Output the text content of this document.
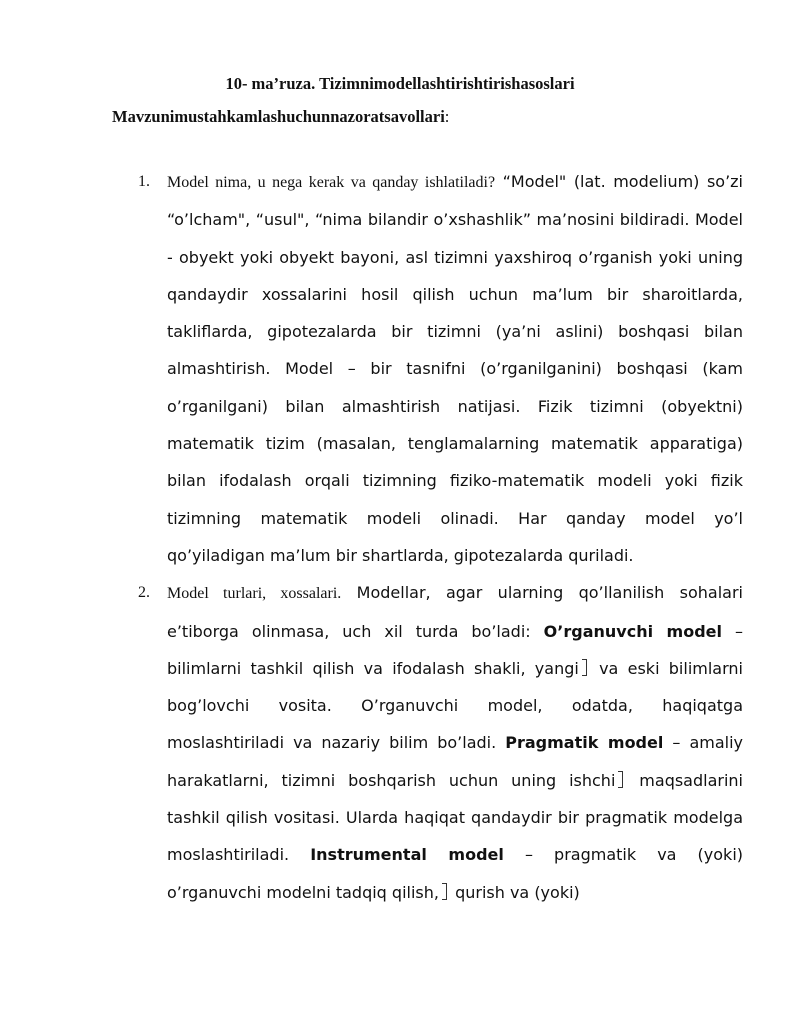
10- ma’ruza. Tizimnimodellashtirishtirishasoslari

Mavzunimustahkamlashuchunnazoratsavollari:

1. Model nima, u nega kerak va qanday ishlatiladi? “Model" (lat. modelium) so’zi “o’lcham", “usul", “nima bilandir o’xshashlik” ma’nosini bildiradi. Model - obyekt yoki obyekt bayoni, asl tizimni yaxshiroq o’rganish yoki uning qandaydir xossalarini hosil qilish uchun ma’lum bir sharoitlarda, takliflarda, gipotezalarda bir tizimni (ya’ni aslini) boshqasi bilan almashtirish. Model – bir tasnifni (o’rganilganini) boshqasi (kam o’rganilgani) bilan almashtirish natijasi. Fizik tizimni (obyektni) matematik tizim (masalan, tenglamalarning matematik apparatiga) bilan ifodalash orqali tizimning fiziko-matematik modeli yoki fizik tizimning matematik modeli olinadi. Har qanday model yo’l qo’yiladigan ma’lum bir shartlarda, gipotezalarda quriladi.

2. Model turlari, xossalari. Modellar, agar ularning qo’llanilish sohalari e’tiborga olinmasa, uch xil turda bo’ladi: O’rganuvchi model – bilimlarni tashkil qilish va ifodalash shakli, yangi va eski bilimlarni bog’lovchi vosita. O’rganuvchi model, odatda, haqiqatga moslashtiriladi va nazariy bilim bo’ladi. Pragmatik model – amaliy harakatlarni, tizimni boshqarish uchun uning ishchi maqsadlarini tashkil qilish vositasi. Ularda haqiqat qandaydir bir pragmatik modelga moslashtiriladi. Instrumental model – pragmatik va (yoki) o’rganuvchi modelni tadqiq qilish, qurish va (yoki)
